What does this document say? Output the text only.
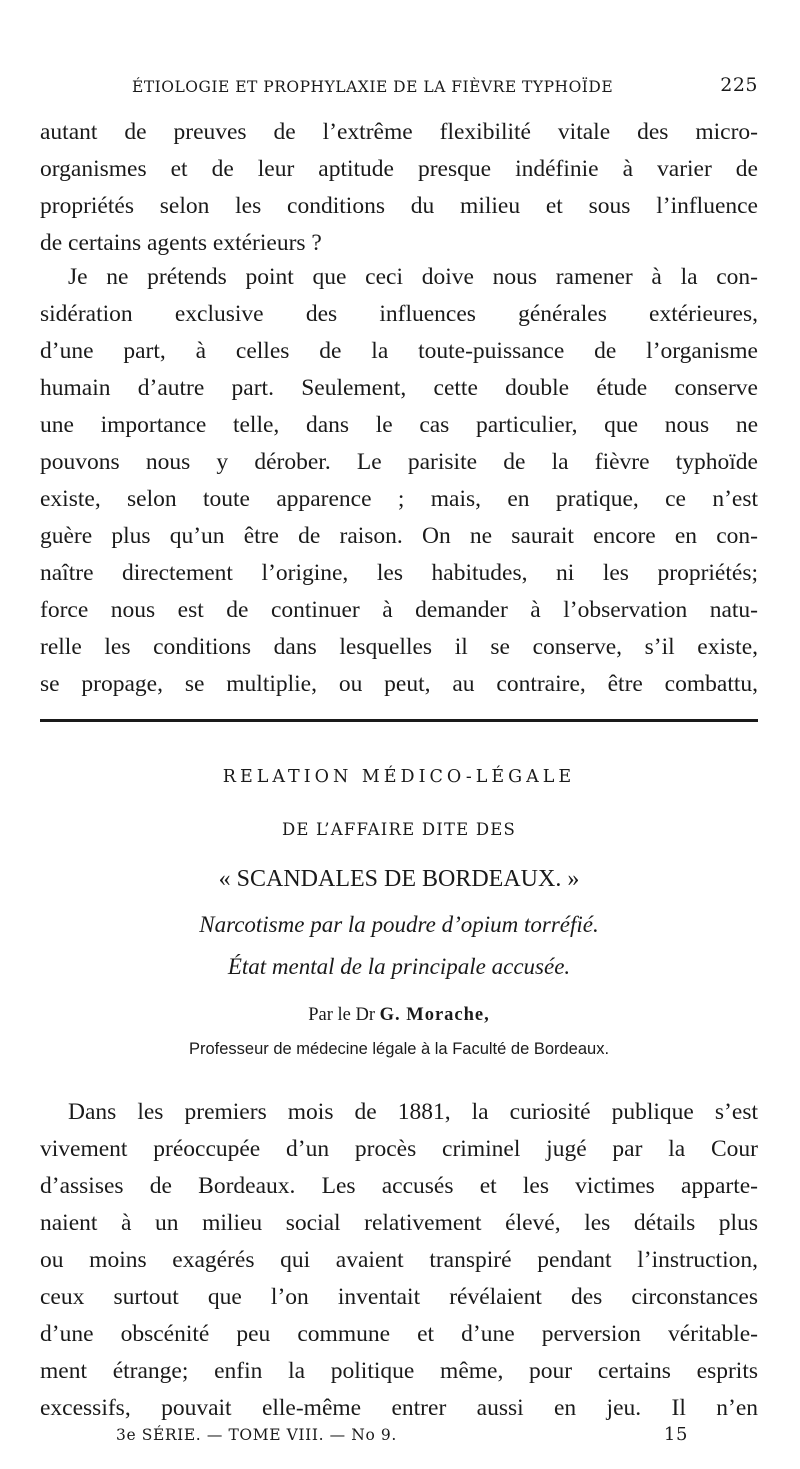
ÉTIOLOGIE ET PROPHYLAXIE DE LA FIÈVRE TYPHOÏDE	225
autant de preuves de l’extrême flexibilité vitale des micro-
organismes et de leur aptitude presque indéfinie à varier de
propriétés selon les conditions du milieu et sous l’influence
de certains agents extérieurs ?
Je ne prétends point que ceci doive nous ramener à la con-
sidération exclusive des influences générales extérieures,
d’une part, à celles de la toute-puissance de l’organisme
humain d’autre part. Seulement, cette double étude conserve
une importance telle, dans le cas particulier, que nous ne
pouvons nous y dérober. Le parisite de la fièvre typhoïde
existe, selon toute apparence ; mais, en pratique, ce n’est
guère plus qu’un être de raison. On ne saurait encore en con-
naître directement l’origine, les habitudes, ni les propriétés;
force nous est de continuer à demander à l’observation natu-
relle les conditions dans lesquelles il se conserve, s’il existe,
se propage, se multiplie, ou peut, au contraire, être combattu,
RELATION MÉDICO-LÉGALE
DE L’AFFAIRE DITE DES
« SCANDALES DE BORDEAUX. »
Narcotisme par la poudre d’opium torréfié.
État mental de la principale accusée.
Par le Dr G. Morache,
Professeur de médecine légale à la Faculté de Bordeaux.
Dans les premiers mois de 1881, la curiosité publique s’est
vivement préoccupée d’un procès criminel jugé par la Cour
d’assises de Bordeaux. Les accusés et les victimes apparte-
naient à un milieu social relativement élevé, les détails plus
ou moins exagérés qui avaient transpiré pendant l’instruction,
ceux surtout que l’on inventait révélaient des circonstances
d’une obscénité peu commune et d’une perversion véritable-
ment étrange; enfin la politique même, pour certains esprits
excessifs, pouvait elle-même entrer aussi en jeu. Il n’en
3e SÉRIE. — TOME VIII. — No 9.	15
